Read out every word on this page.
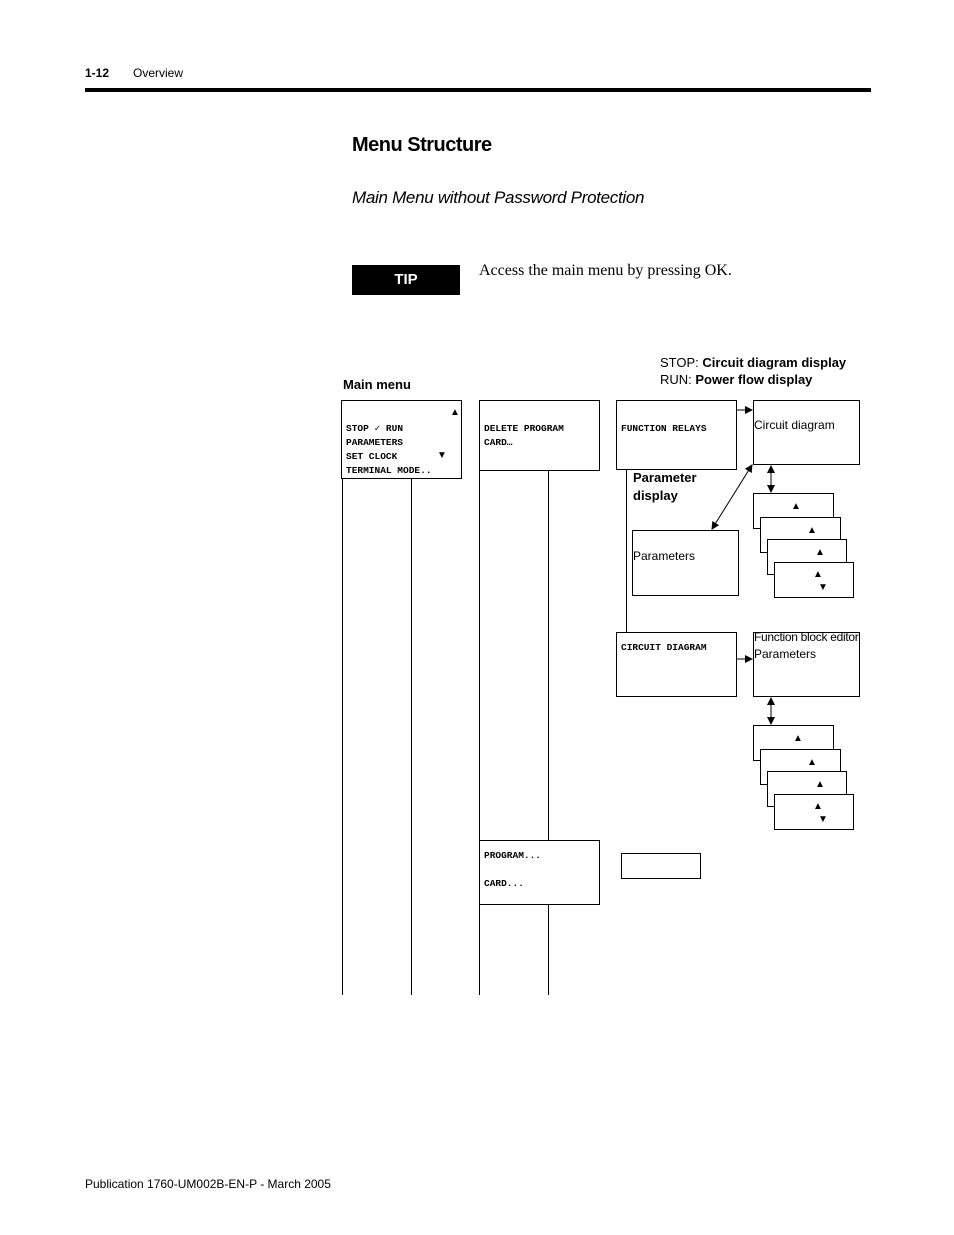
1-12 Overview
Menu Structure
Main Menu without Password Protection
TIP
Access the main menu by pressing OK.
Main menu
STOP: Circuit diagram display
RUN: Power flow display
STOP ✓ RUN
PARAMETERS
SET CLOCK
TERMINAL MODE..
▲
▼
DELETE PROGRAM
CARD…
FUNCTION RELAYS	Circuit diagram
Parameter
display
Parameters
▲
▲
▲
▲
▼
CIRCUIT DIAGRAM
Function block editor
Parameters
▲
▲
▲
▲
▼
PROGRAM...
CARD...
Publication 1760-UM002B-EN-P - March 2005
